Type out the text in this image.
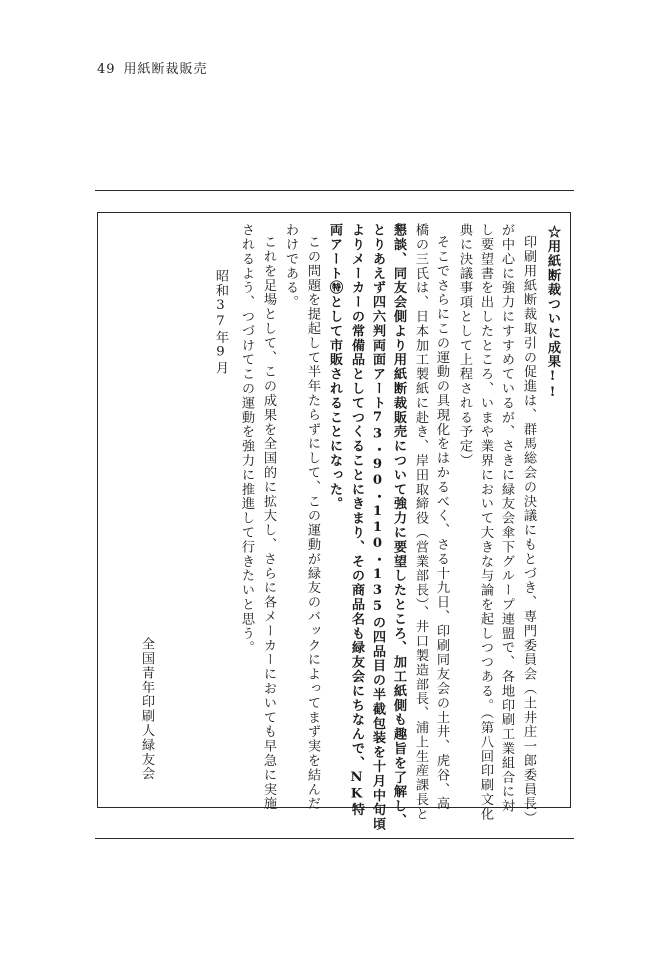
49 用紙断裁販売
☆用紙断裁ついに成果!!
印刷用紙断裁取引の促進は、群馬総会の決議にもとづき、専門委員会（土井庄一郎委員長）
が中心に強力にすすめているが、さきに緑友会傘下グループ連盟で、各地印刷工業組合に対
し要望書を出したところ、いまや業界において大きな与論を起しつつある。（第八回印刷文化
典に決議事項として上程される予定）
そこでさらにこの運動の具現化をはかるべく、さる十九日、印刷同友会の土井、虎谷、高
橋の三氏は、日本加工製紙に赴き、岸田取締役（営業部長）、井口製造部長、浦上生産課長と
懇談、同友会側より用紙断裁販売について強力に要望したところ、加工紙側も趣旨を了解し、
とりあえず四六判両面アート73・90・110・135の四品目の半截包装を十月中旬頃
よりメーカーの常備品としてつくることにきまり、その商品名も緑友会にちなんで、NK特
両アート㊕として市販されることになった。
この問題を提起して半年たらずにして、この運動が緑友のバックによってまず実を結んだ
わけである。
これを足場として、この成果を全国的に拡大し、さらに各メーカーにおいても早急に実施
されるよう、つづけてこの運動を強力に推進して行きたいと思う。
昭和37年9月
全国青年印刷人緑友会
